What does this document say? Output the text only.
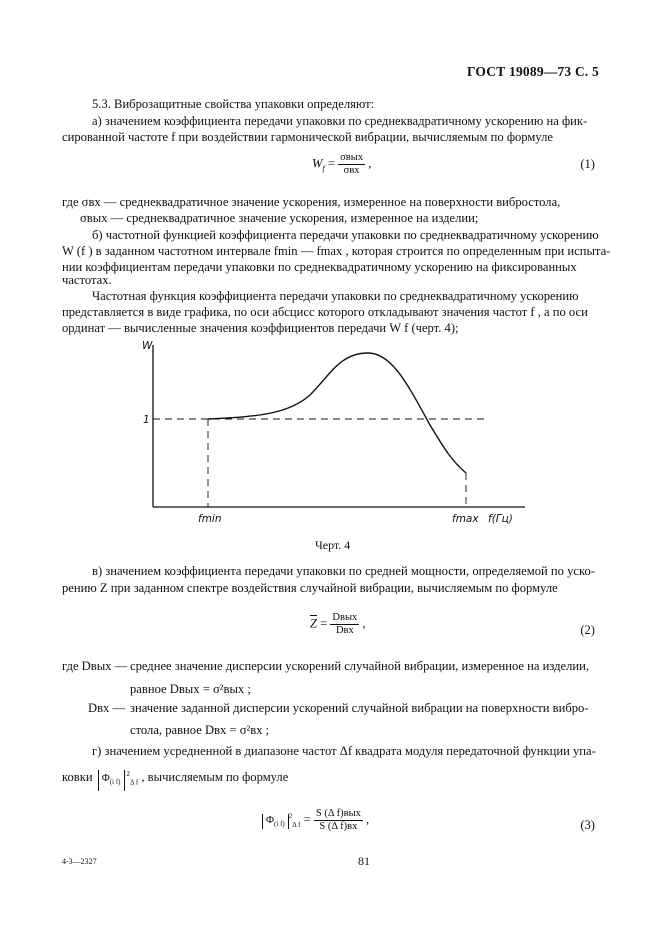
ГОСТ 19089—73 С. 5
5.3. Виброзащитные свойства упаковки определяют:
а) значением коэффициента передачи упаковки по среднеквадратичному ускорению на фик-
сированной частоте f при воздействии гармонической вибрации, вычисляемым по формуле
$W_f = \frac{\text{σвых}}{\text{σвх}}$ ,	(1)
где σвх — среднеквадратичное значение ускорения, измеренное на поверхности вибростола,
σвых — среднеквадратичное значение ускорения, измеренное на изделии;
б) частотной функцией коэффициента передачи упаковки по среднеквадратичному ускорению
W (f ) в заданном частотном интервале fmin — fmax , которая строится по определенным при испыта-
нии коэффициентам передачи упаковки по среднеквадратичному ускорению на фиксированных
частотах.
Частотная функция коэффициента передачи упаковки по среднеквадратичному ускорению
представляется в виде графика, по оси абсцисс которого откладывают значения частот f , а по оси
ординат — вычисленные значения коэффициентов передачи W f (черт. 4);
W
1
fmin	fmax f(Гц)
Черт. 4
в) значением коэффициента передачи упаковки по средней мощности, определяемой по уско-
рению Z при заданном спектре воздействия случайной вибрации, вычисляемым по формуле
$\overline{Z} = \frac{\text{Dвых}}{\text{Dвх}}$ ,	(2)
где Dвых — среднее значение дисперсии ускорений случайной вибрации, измеренное на изделии,
равное Dвых = σ²вых ;
Dвх — значение заданной дисперсии ускорений случайной вибрации на поверхности вибро-
стола, равное Dвх = σ²вх ;
г) значением усредненной в диапазоне частот Δf квадрата модуля передаточной функции упа-
ковки $\Phi_{(i f)}^2_{\Delta f}$ , вычисляемым по формуле
$\Phi_{(i f)}^2_{\Delta f} = \frac{\text{S (Δ f)вых}}{\text{S (Δ f)вх}}$ ,	(3)
4-3—2327	81
